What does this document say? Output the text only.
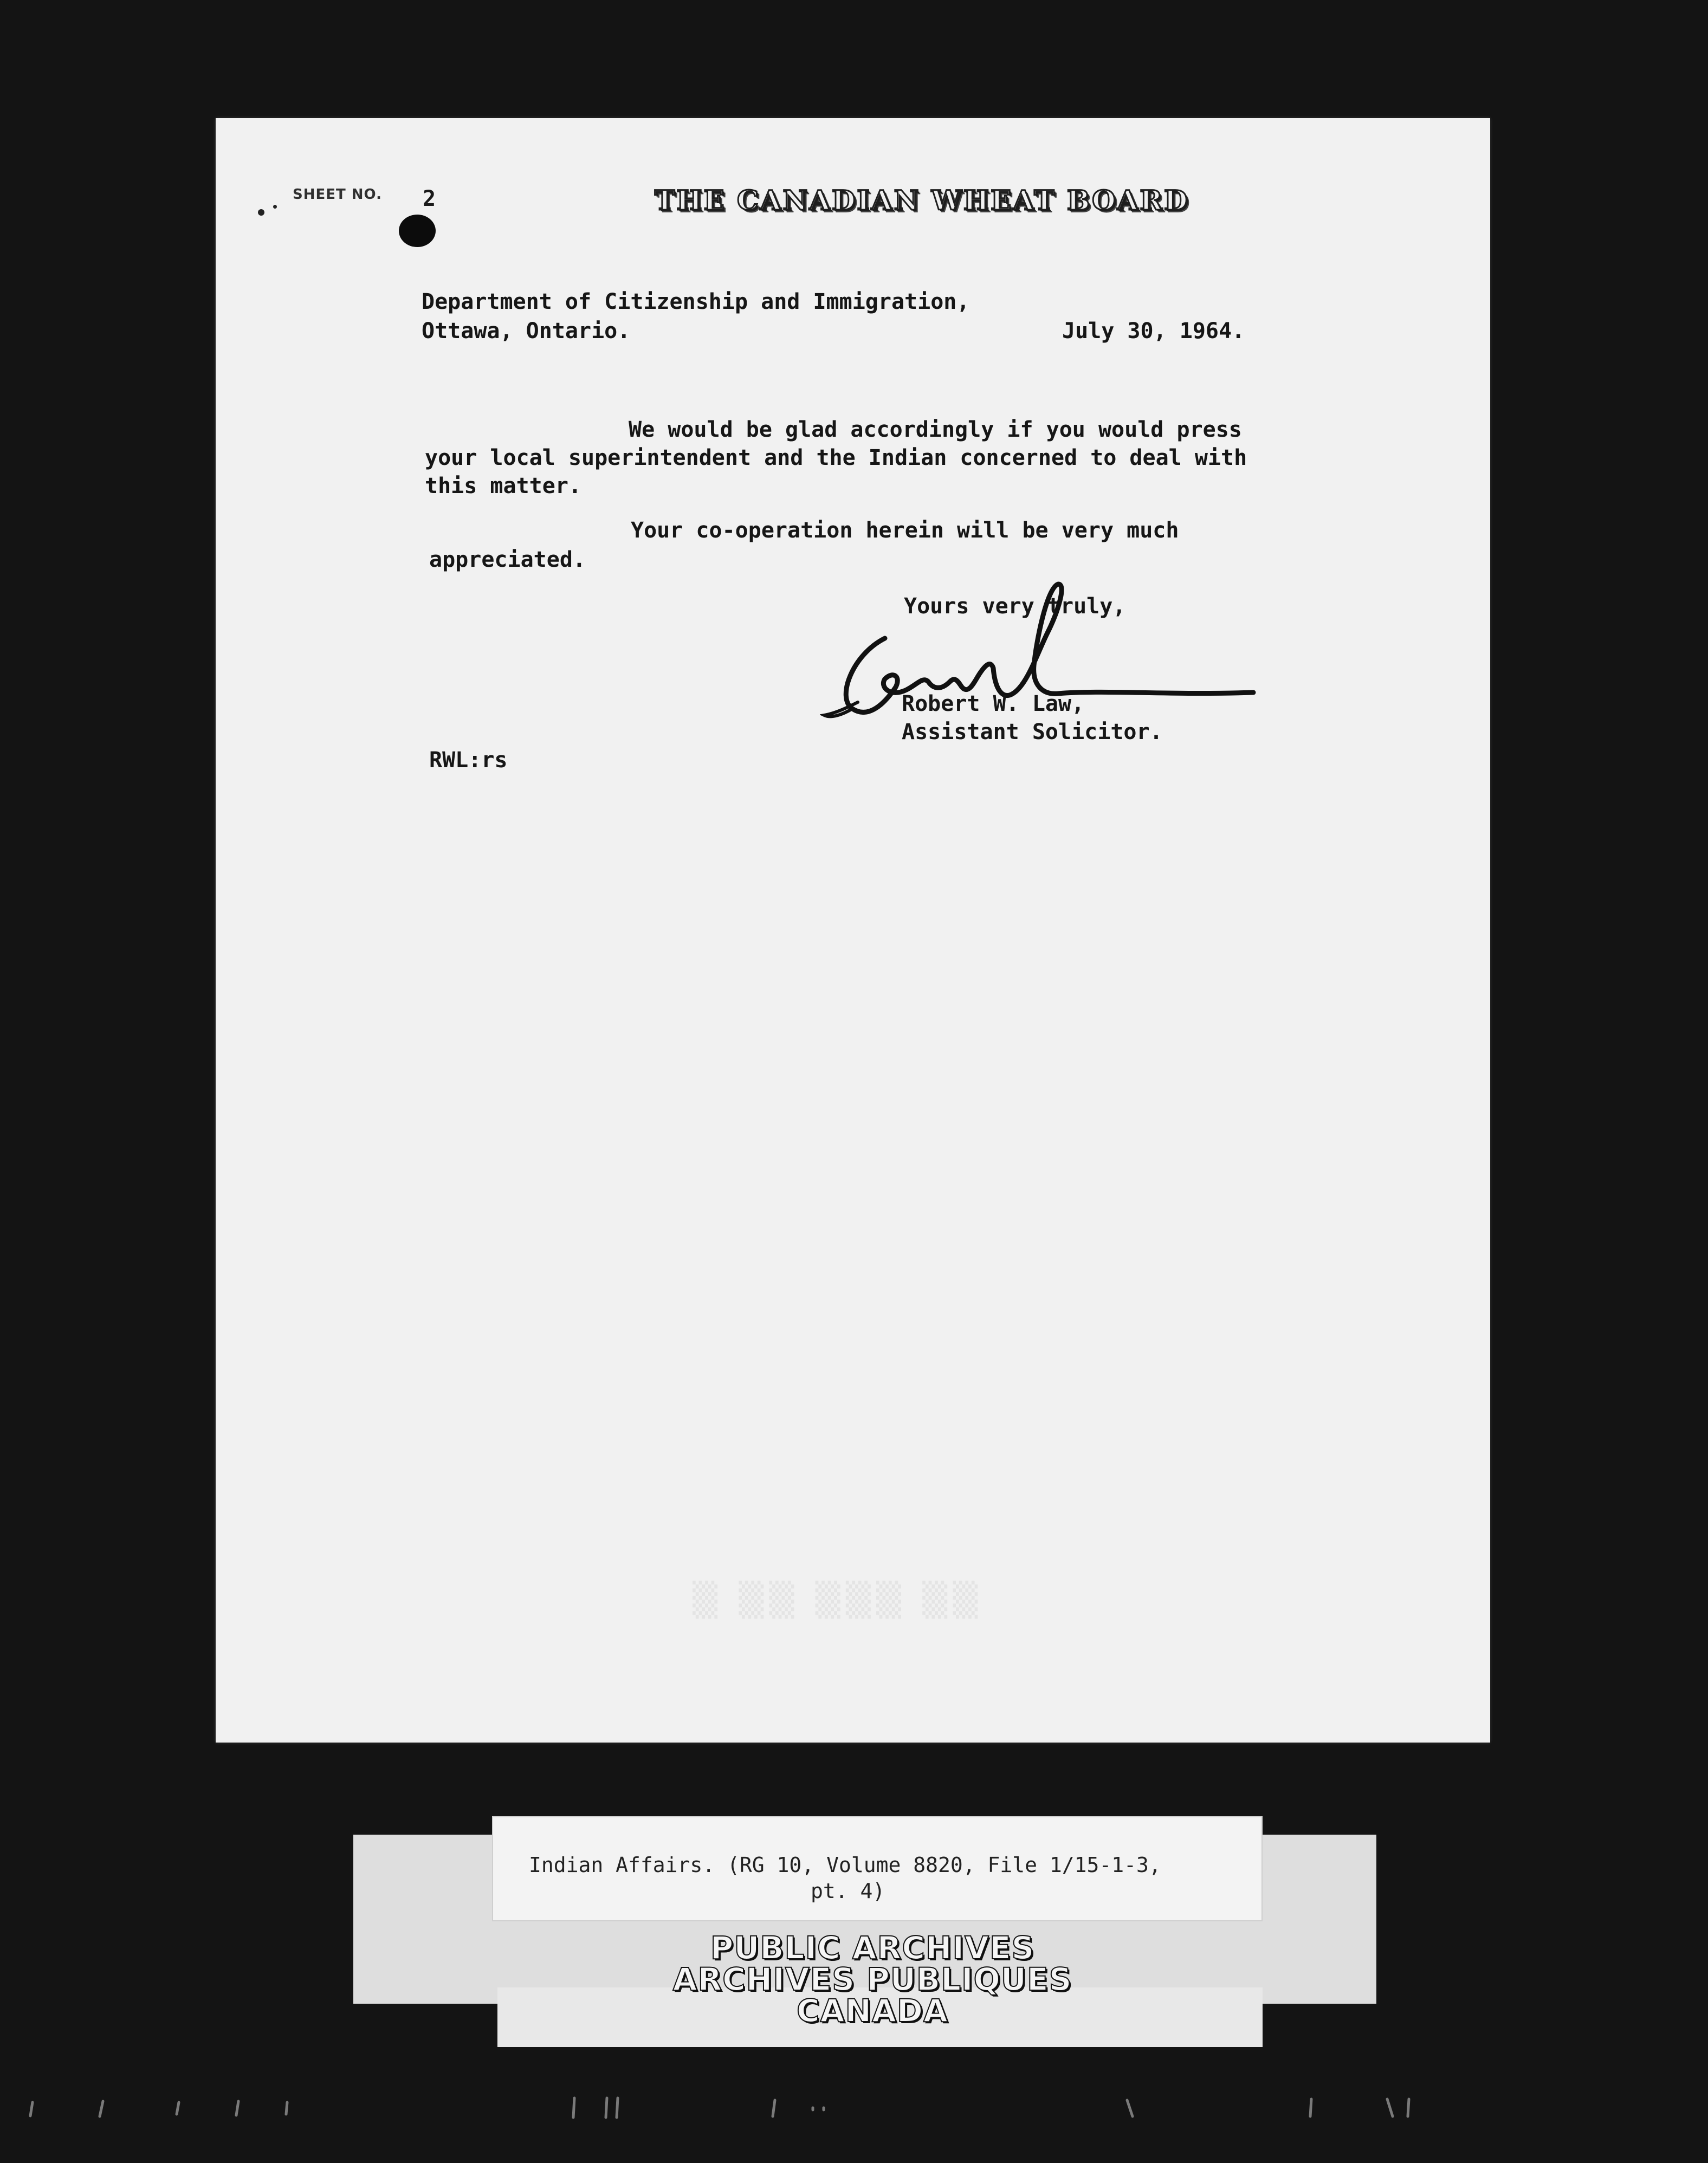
SHEET NO. 2	THE CANADIAN WHEAT BOARD
Department of Citizenship and Immigration,
Ottawa, Ontario.	July 30, 1964.
We would be glad accordingly if you would press
your local superintendent and the Indian concerned to deal with
this matter.
Your co-operation herein will be very much
appreciated.
Yours very truly,
Robert W. Law,
Assistant Solicitor.
RWL:rs
▒ ▒▒ ▒▒▒ ▒▒
Indian Affairs. (RG 10, Volume 8820, File 1/15-1-3,
pt. 4)
PUBLIC ARCHIVES
ARCHIVES PUBLIQUES
CANADA
